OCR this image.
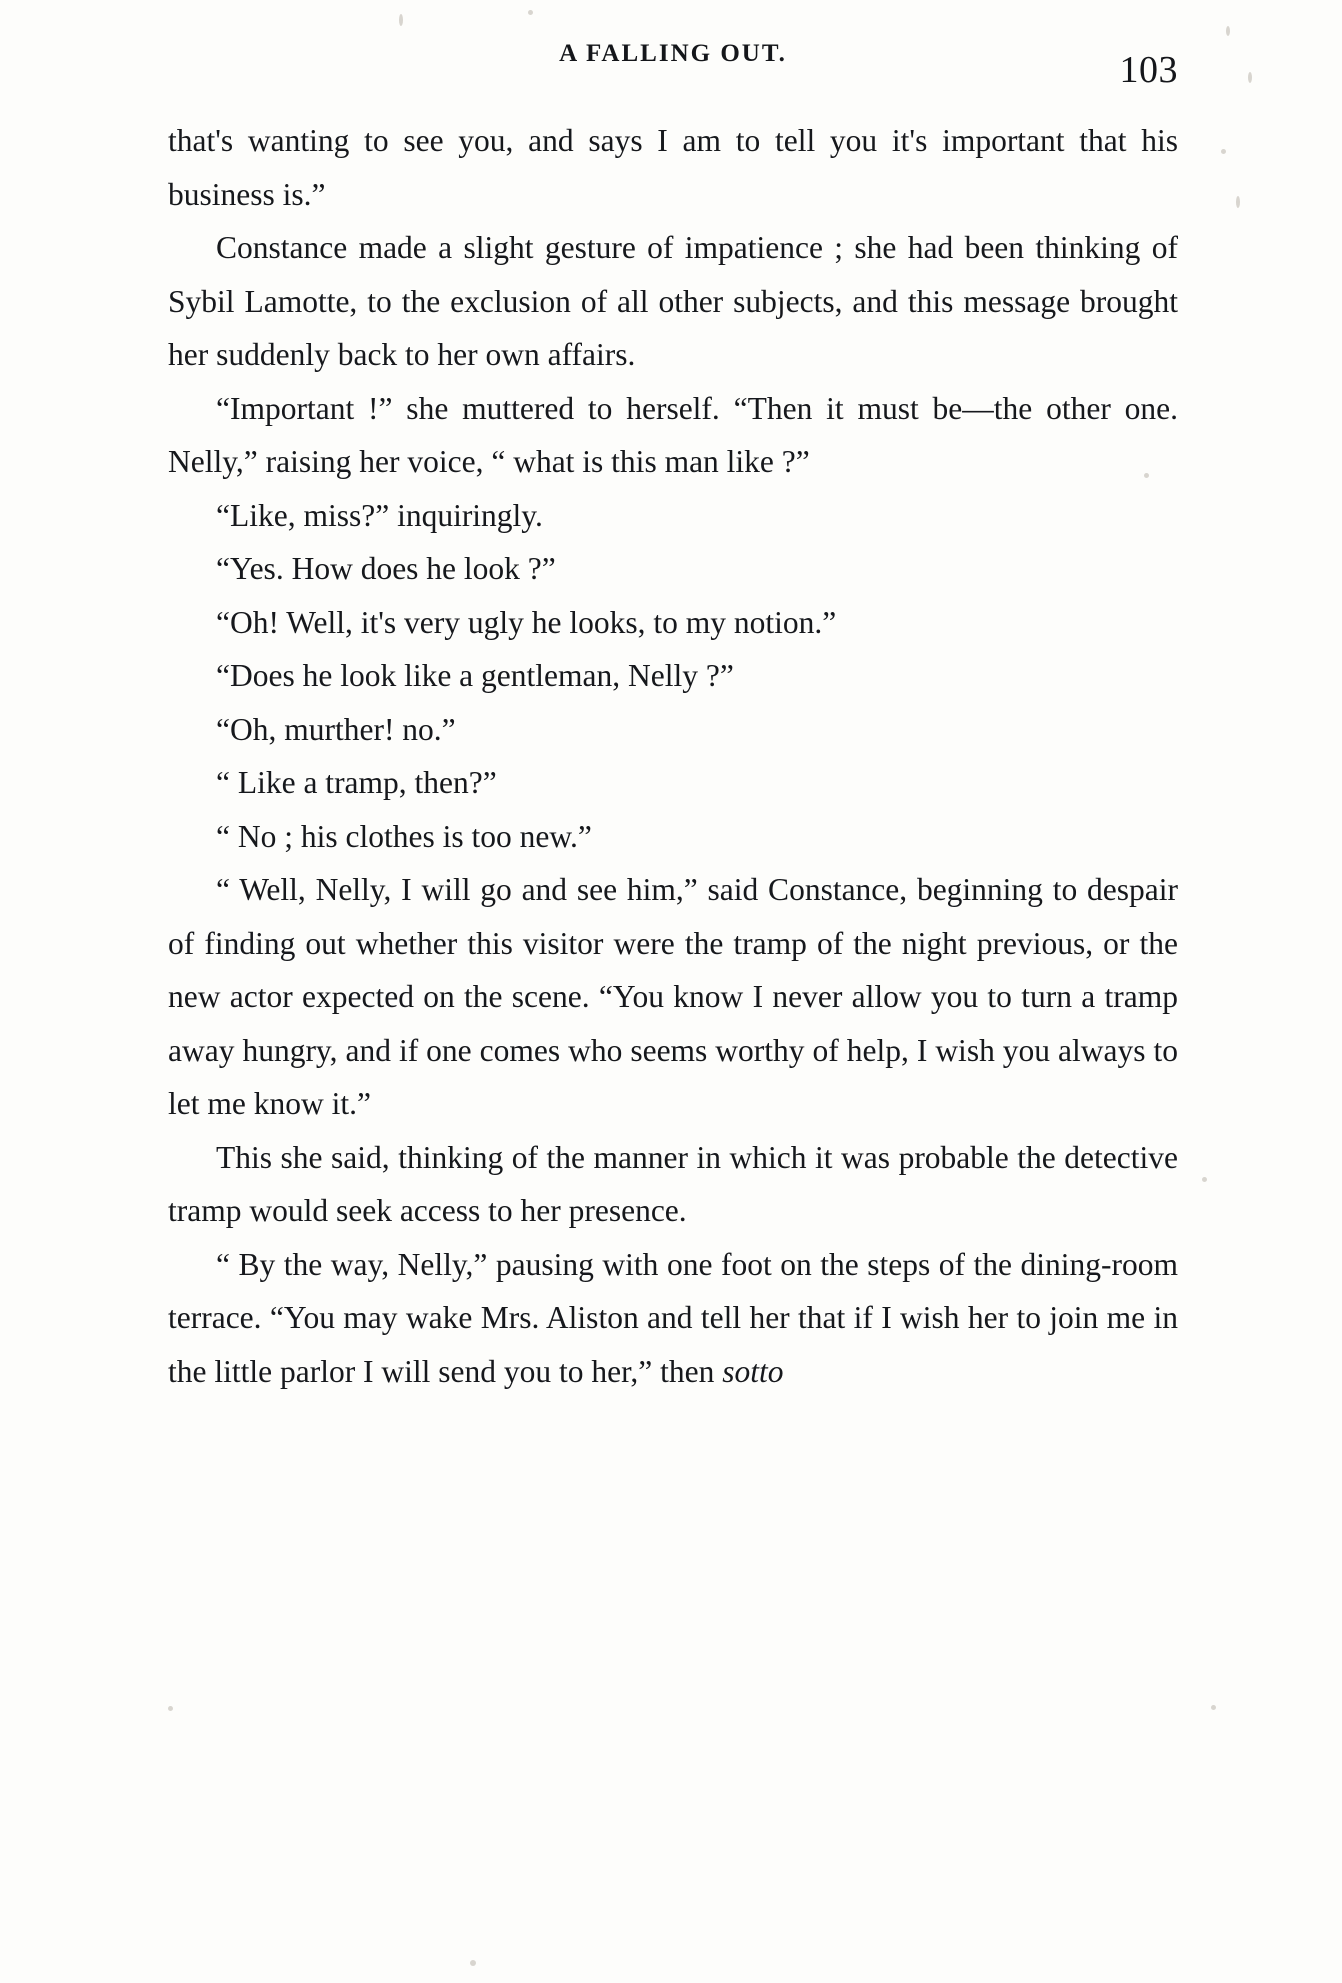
A FALLING OUT.	103

that's wanting to see you, and says I am to tell you it's important that his business is.”

Constance made a slight gesture of impatience ; she had been thinking of Sybil Lamotte, to the exclusion of all other subjects, and this message brought her suddenly back to her own affairs.

“Important !” she muttered to herself. “Then it must be—the other one. Nelly,” raising her voice, “ what is this man like ?”

“Like, miss?” inquiringly.

“Yes. How does he look ?”

“Oh! Well, it's very ugly he looks, to my notion.”

“Does he look like a gentleman, Nelly ?”

“Oh, murther! no.”

“ Like a tramp, then?”

“ No ; his clothes is too new.”

“ Well, Nelly, I will go and see him,” said Constance, beginning to despair of finding out whether this visitor were the tramp of the night previous, or the new actor expected on the scene. “You know I never allow you to turn a tramp away hungry, and if one comes who seems worthy of help, I wish you always to let me know it.”

This she said, thinking of the manner in which it was probable the detective tramp would seek access to her presence.

“ By the way, Nelly,” pausing with one foot on the steps of the dining-room terrace. “You may wake Mrs. Aliston and tell her that if I wish her to join me in the little parlor I will send you to her,” then sotto
